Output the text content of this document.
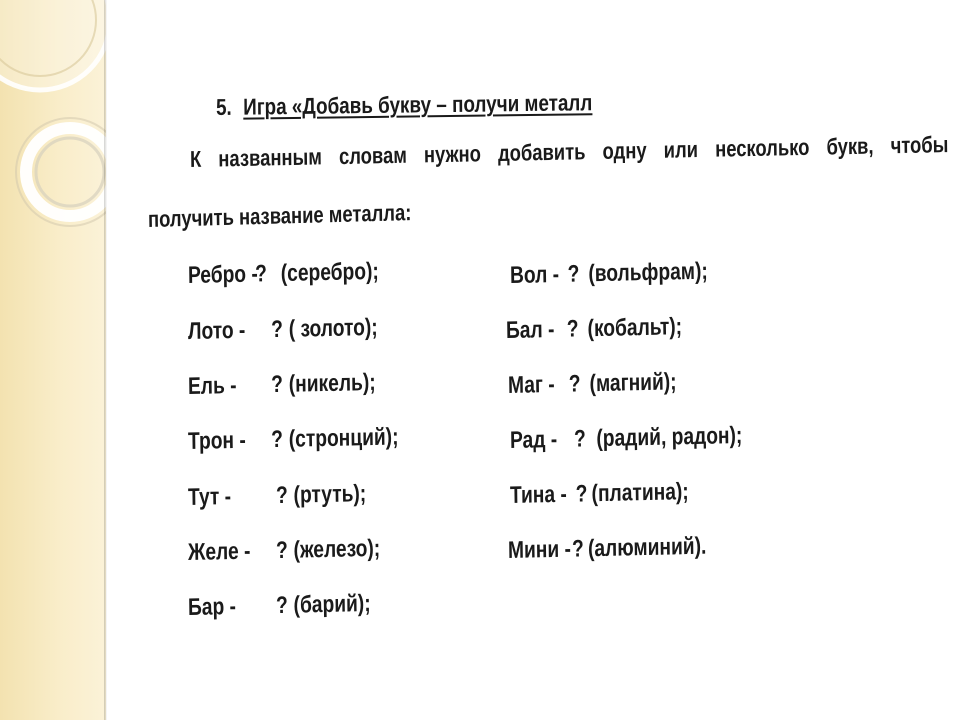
5. Игра «Добавь букву – получи металл
К названным словам нужно добавить одну или несколько букв, чтобы
получить название металла:
Ребро -? (серебро);
Лото - ? ( золото);
Ель - ? (никель);
Трон - ? (стронций);
Тут - ? (ртуть);
Желе - ? (железо);
Бар - ? (барий);
Вол - ? (вольфрам);
Бал - ? (кобальт);
Маг - ? (магний);
Рад - ? (радий, радон);
Тина - ? (платина);
Мини -? (алюминий).
